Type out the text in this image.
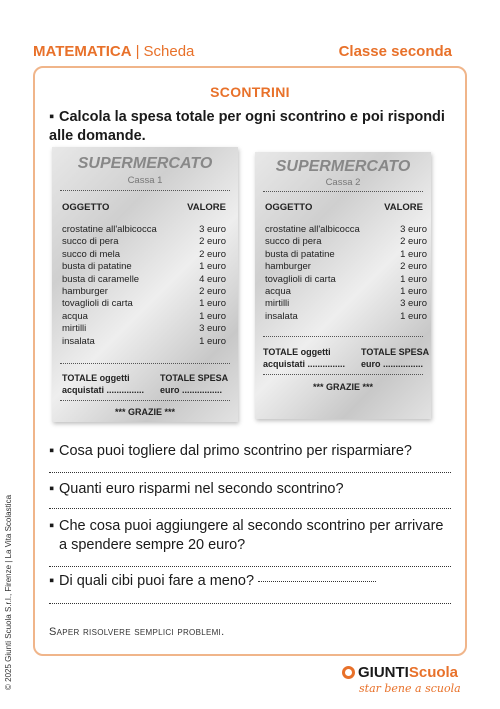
MATEMATICA | Scheda	Classe seconda
SCONTRINI
▪ Calcola la spesa totale per ogni scontrino e poi rispondi alle domande.
SUPERMERCATO
Cassa 1
OGGETTO	VALORE
crostatine all'albicocca	3 euro
succo di pera	2 euro
succo di mela	2 euro
busta di patatine	1 euro
busta di caramelle	4 euro
hamburger	2 euro
tovaglioli di carta	1 euro
acqua	1 euro
mirtilli	3 euro
insalata	1 euro
TOTALE oggetti
acquistati ...............
TOTALE SPESA
euro ................
*** GRAZIE ***
SUPERMERCATO
Cassa 2
OGGETTO	VALORE
crostatine all'albicocca	3 euro
succo di pera	2 euro
busta di patatine	1 euro
hamburger	2 euro
tovaglioli di carta	1 euro
acqua	1 euro
mirtilli	3 euro
insalata	1 euro
TOTALE oggetti
acquistati ...............
TOTALE SPESA
euro ................
*** GRAZIE ***
▪ Cosa puoi togliere dal primo scontrino per risparmiare?
▪ Quanti euro risparmi nel secondo scontrino?
▪ Che cosa puoi aggiungere al secondo scontrino per arrivare
a spendere sempre 20 euro?
▪ Di quali cibi puoi fare a meno?
Saper risolvere semplici problemi.
© 2025 Giunti Scuola S.r.l., Firenze | La Vita Scolastica	GIUNTIScuola
star bene a scuola
